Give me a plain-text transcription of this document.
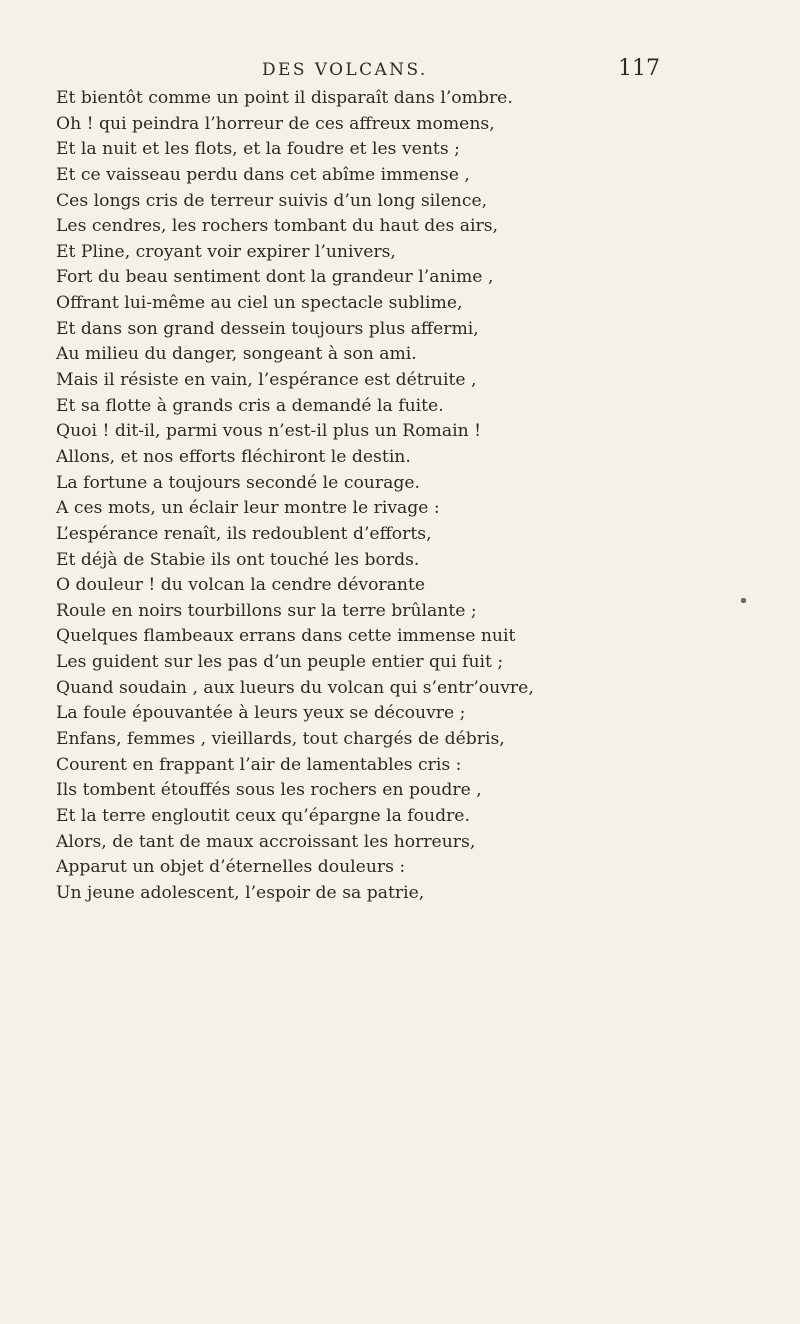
DES VOLCANS.	117
Et bientôt comme un point il disparaît dans l’ombre.
Oh ! qui peindra l’horreur de ces affreux momens,
Et la nuit et les flots, et la foudre et les vents ;
Et ce vaisseau perdu dans cet abîme immense ,
Ces longs cris de terreur suivis d’un long silence,
Les cendres, les rochers tombant du haut des airs,
Et Pline, croyant voir expirer l’univers,
Fort du beau sentiment dont la grandeur l’anime ,
Offrant lui-même au ciel un spectacle sublime,
Et dans son grand dessein toujours plus affermi,
Au milieu du danger, songeant à son ami.
Mais il résiste en vain, l’espérance est détruite ,
Et sa flotte à grands cris a demandé la fuite.
Quoi ! dit-il, parmi vous n’est-il plus un Romain !
Allons, et nos efforts fléchiront le destin.
La fortune a toujours secondé le courage.
A ces mots, un éclair leur montre le rivage :
L’espérance renaît, ils redoublent d’efforts,
Et déjà de Stabie ils ont touché les bords.
O douleur ! du volcan la cendre dévorante
Roule en noirs tourbillons sur la terre brûlante ;
Quelques flambeaux errans dans cette immense nuit
Les guident sur les pas d’un peuple entier qui fuit ;
Quand soudain , aux lueurs du volcan qui s’entr’ouvre,
La foule épouvantée à leurs yeux se découvre ;
Enfans, femmes , vieillards, tout chargés de débris,
Courent en frappant l’air de lamentables cris :
Ils tombent étouffés sous les rochers en poudre ,
Et la terre engloutit ceux qu’épargne la foudre.
Alors, de tant de maux accroissant les horreurs,
Apparut un objet d’éternelles douleurs :
Un jeune adolescent, l’espoir de sa patrie,
